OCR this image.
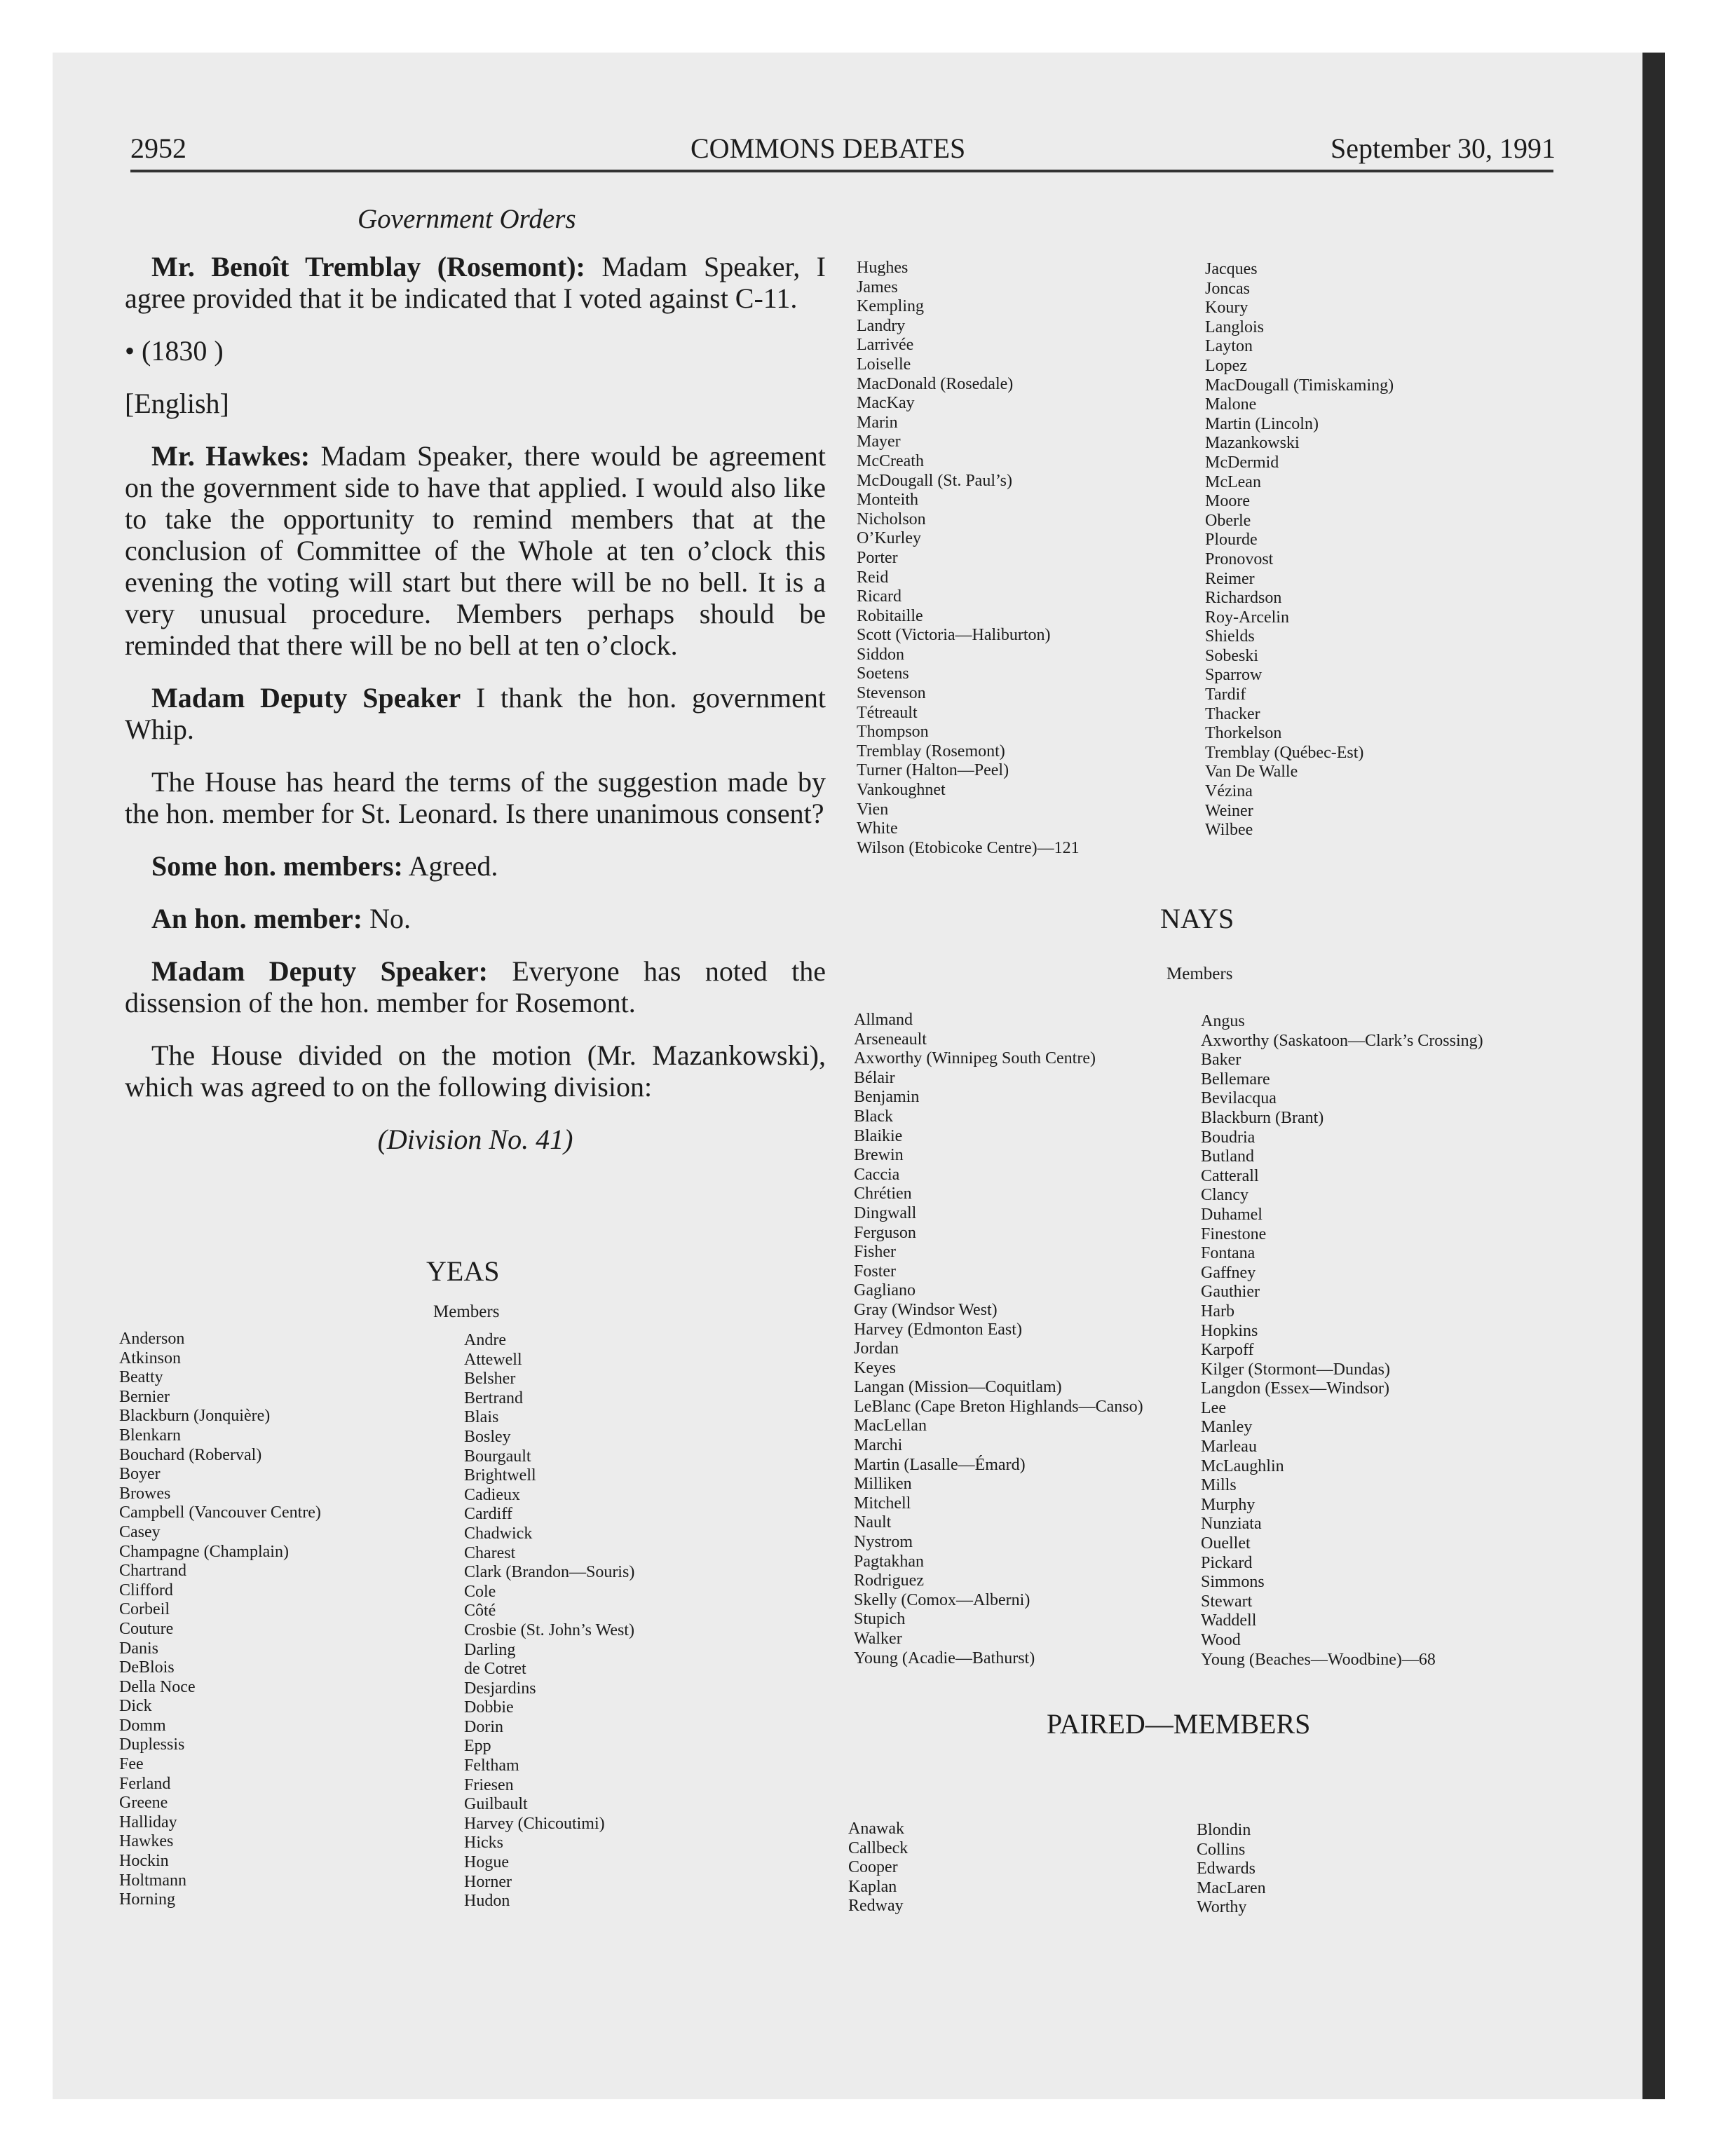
2952	COMMONS DEBATES	September 30, 1991
Government Orders

Mr. Benoît Tremblay (Rosemont): Madam Speaker, I agree provided that it be indicated that I voted against C-11.

• (1830 )
[English]

Mr. Hawkes: Madam Speaker, there would be agreement on the government side to have that applied. I would also like to take the opportunity to remind members that at the conclusion of Committee of the Whole at ten o’clock this evening the voting will start but there will be no bell. It is a very unusual procedure. Members perhaps should be reminded that there will be no bell at ten o’clock.

Madam Deputy Speaker I thank the hon. government Whip.

The House has heard the terms of the suggestion made by the hon. member for St. Leonard. Is there unanimous consent?

Some hon. members: Agreed.

An hon. member: No.

Madam Deputy Speaker: Everyone has noted the dissension of the hon. member for Rosemont.

The House divided on the motion (Mr. Mazankowski), which was agreed to on the following division:

(Division No. 41)
YEAS
Members
Anderson
Atkinson
Beatty
Bernier
Blackburn (Jonquière)
Blenkarn
Bouchard (Roberval)
Boyer
Browes
Campbell (Vancouver Centre)
Casey
Champagne (Champlain)
Chartrand
Clifford
Corbeil
Couture
Danis
DeBlois
Della Noce
Dick
Domm
Duplessis
Fee
Ferland
Greene
Halliday
Hawkes
Hockin
Holtmann
Horning
Andre
Attewell
Belsher
Bertrand
Blais
Bosley
Bourgault
Brightwell
Cadieux
Cardiff
Chadwick
Charest
Clark (Brandon—Souris)
Cole
Côté
Crosbie (St. John’s West)
Darling
de Cotret
Desjardins
Dobbie
Dorin
Epp
Feltham
Friesen
Guilbault
Harvey (Chicoutimi)
Hicks
Hogue
Horner
Hudon
Hughes
James
Kempling
Landry
Larrivée
Loiselle
MacDonald (Rosedale)
MacKay
Marin
Mayer
McCreath
McDougall (St. Paul’s)
Monteith
Nicholson
O’Kurley
Porter
Reid
Ricard
Robitaille
Scott (Victoria—Haliburton)
Siddon
Soetens
Stevenson
Tétreault
Thompson
Tremblay (Rosemont)
Turner (Halton—Peel)
Vankoughnet
Vien
White
Wilson (Etobicoke Centre)—121
Jacques
Joncas
Koury
Langlois
Layton
Lopez
MacDougall (Timiskaming)
Malone
Martin (Lincoln)
Mazankowski
McDermid
McLean
Moore
Oberle
Plourde
Pronovost
Reimer
Richardson
Roy-Arcelin
Shields
Sobeski
Sparrow
Tardif
Thacker
Thorkelson
Tremblay (Québec-Est)
Van De Walle
Vézina
Weiner
Wilbee
NAYS
Members
Allmand
Arseneault
Axworthy (Winnipeg South Centre)
Bélair
Benjamin
Black
Blaikie
Brewin
Caccia
Chrétien
Dingwall
Ferguson
Fisher
Foster
Gagliano
Gray (Windsor West)
Harvey (Edmonton East)
Jordan
Keyes
Langan (Mission—Coquitlam)
LeBlanc (Cape Breton Highlands—Canso)
MacLellan
Marchi
Martin (Lasalle—Émard)
Milliken
Mitchell
Nault
Nystrom
Pagtakhan
Rodriguez
Skelly (Comox—Alberni)
Stupich
Walker
Young (Acadie—Bathurst)
Angus
Axworthy (Saskatoon—Clark’s Crossing)
Baker
Bellemare
Bevilacqua
Blackburn (Brant)
Boudria
Butland
Catterall
Clancy
Duhamel
Finestone
Fontana
Gaffney
Gauthier
Harb
Hopkins
Karpoff
Kilger (Stormont—Dundas)
Langdon (Essex—Windsor)
Lee
Manley
Marleau
McLaughlin
Mills
Murphy
Nunziata
Ouellet
Pickard
Simmons
Stewart
Waddell
Wood
Young (Beaches—Woodbine)—68
PAIRED—MEMBERS
Anawak
Callbeck
Cooper
Kaplan
Redway
Blondin
Collins
Edwards
MacLaren
Worthy
